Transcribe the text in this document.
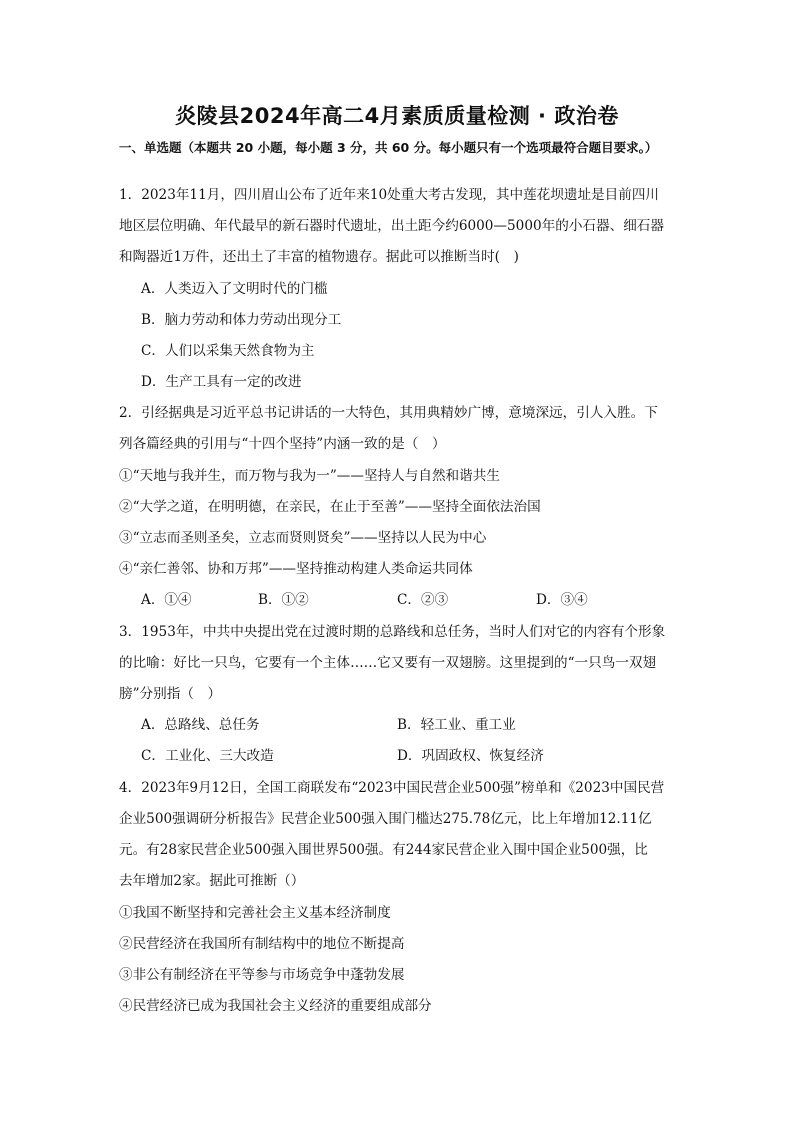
炎陵县2024年高二4月素质质量检测 · 政治卷
一、单选题（本题共 20 小题，每小题 3 分，共 60 分。每小题只有一个选项最符合题目要求。）
1．2023年11月，四川眉山公布了近年来10处重大考古发现，其中莲花坝遗址是目前四川
地区层位明确、年代最早的新石器时代遗址，出土距今约6000—5000年的小石器、细石器
和陶器近1万件，还出土了丰富的植物遗存。据此可以推断当时(　)
A．人类迈入了文明时代的门槛
B．脑力劳动和体力劳动出现分工
C．人们以采集天然食物为主
D．生产工具有一定的改进
2．引经据典是习近平总书记讲话的一大特色，其用典精妙广博，意境深远，引人入胜。下
列各篇经典的引用与“十四个坚持”内涵一致的是（　）
①“天地与我并生，而万物与我为一”——坚持人与自然和谐共生
②“大学之道，在明明德，在亲民，在止于至善”——坚持全面依法治国
③“立志而圣则圣矣，立志而贤则贤矣”——坚持以人民为中心
④“亲仁善邻、协和万邦”——坚持推动构建人类命运共同体
A．①④	B．①②	C．②③	D．③④
3．1953年，中共中央提出党在过渡时期的总路线和总任务，当时人们对它的内容有个形象
的比喻：好比一只鸟，它要有一个主体……它又要有一双翅膀。这里提到的“一只鸟一双翅
膀”分别指（　）
A．总路线、总任务	B．轻工业、重工业
C．工业化、三大改造	D．巩固政权、恢复经济
4．2023年9月12日，全国工商联发布“2023中国民营企业500强”榜单和《2023中国民营
企业500强调研分析报告》民营企业500强入围门槛达275.78亿元，比上年增加12.11亿
元。有28家民营企业500强入围世界500强。有244家民营企业入围中国企业500强，比
去年增加2家。据此可推断（）
①我国不断坚持和完善社会主义基本经济制度
②民营经济在我国所有制结构中的地位不断提高
③非公有制经济在平等参与市场竞争中蓬勃发展
④民营经济已成为我国社会主义经济的重要组成部分
